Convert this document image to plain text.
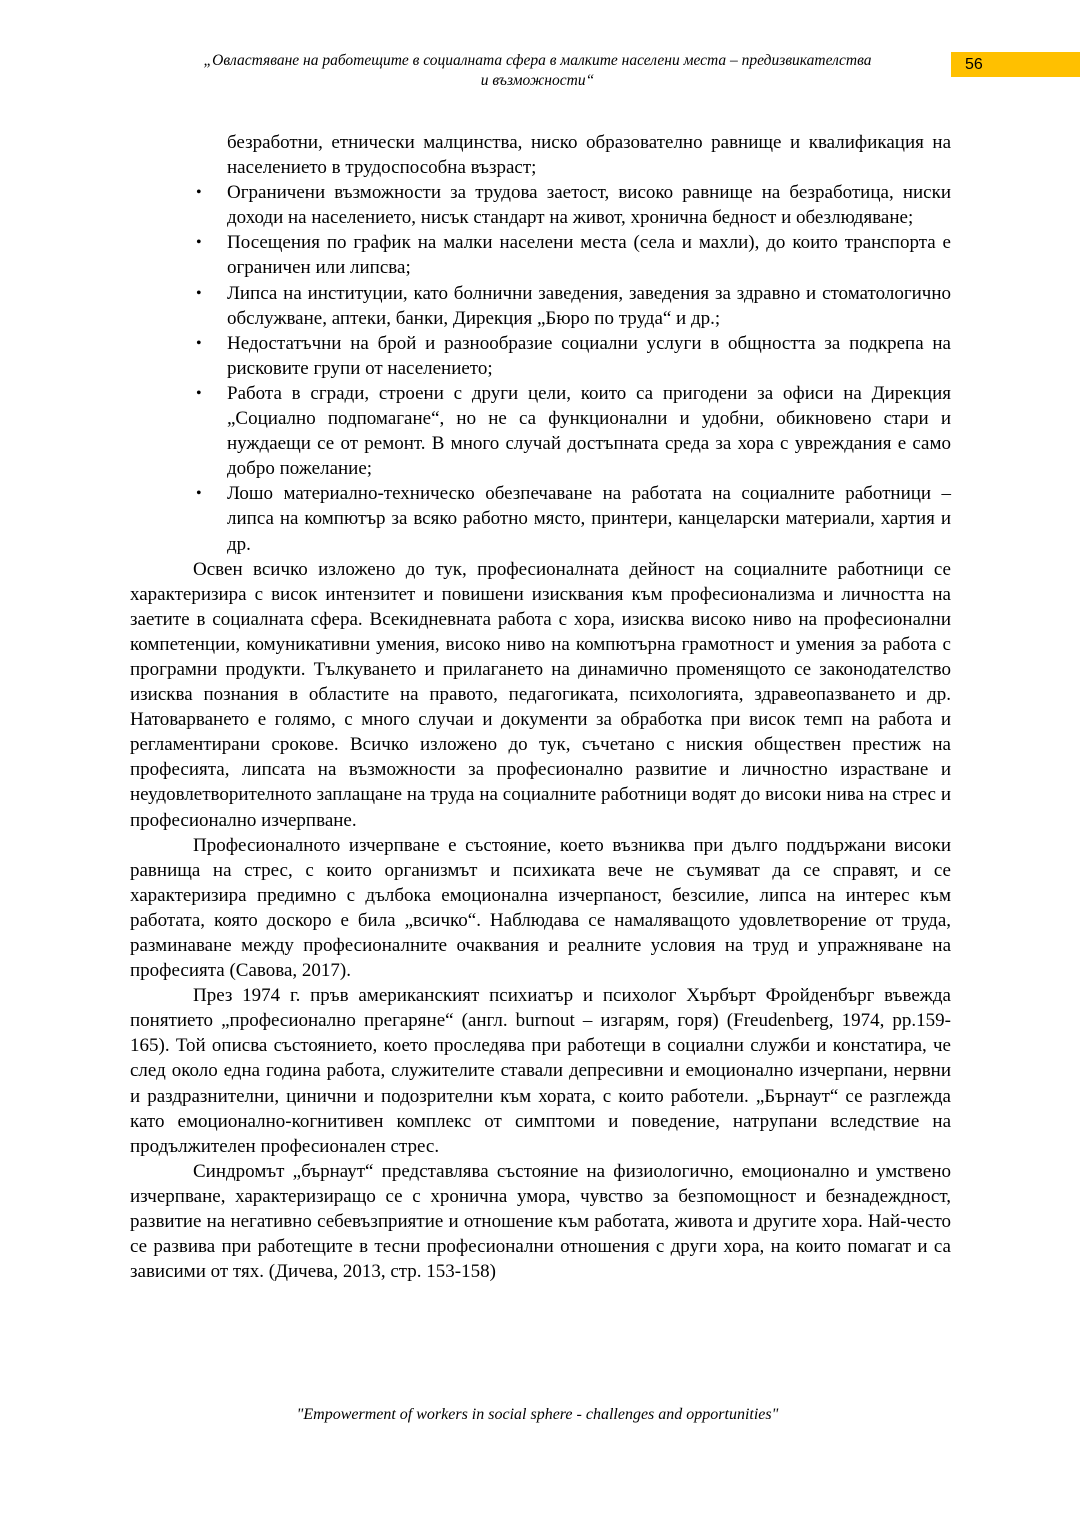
„Овластяване на работещите в социалната сфера в малките населени места – предизвикателства
и възможности“
56
безработни, етнически малцинства, ниско образователно равнище и квалификация на населението в трудоспособна възраст;
• Ограничени възможности за трудова заетост, високо равнище на безработица, ниски доходи на населението, нисък стандарт на живот, хронична бедност и обезлюдяване;
• Посещения по график на малки населени места (села и махли), до които транспорта е ограничен или липсва;
• Липса на институции, като болнични заведения, заведения за здравно и стоматологично обслужване, аптеки, банки, Дирекция „Бюро по труда“ и др.;
• Недостатъчни на брой и разнообразие социални услуги в общността за подкрепа на рисковите групи от населението;
• Работа в сгради, строени с други цели, които са пригодени за офиси на Дирекция „Социално подпомагане“, но не са функционални и удобни, обикновено стари и нуждаещи се от ремонт. В много случай достъпната среда за хора с увреждания е само добро пожелание;
• Лошо материално-техническо обезпечаване на работата на социалните работници – липса на компютър за всяко работно място, принтери, канцеларски материали, хартия и др.

Освен всичко изложено до тук, професионалната дейност на социалните работници се характеризира с висок интензитет и повишени изисквания към професионализма и личността на заетите в социалната сфера. Всекидневната работа с хора, изисква високо ниво на професионални компетенции, комуникативни умения, високо ниво на компютърна грамотност и умения за работа с програмни продукти. Тълкуването и прилагането на динамично променящото се законодателство изисква познания в областите на правото, педагогиката, психологията, здравеопазването и др. Натоварването е голямо, с много случаи и документи за обработка при висок темп на работа и регламентирани срокове. Всичко изложено до тук, съчетано с ниския обществен престиж на професията, липсата на възможности за професионално развитие и личностно израстване и неудовлетворителното заплащане на труда на социалните работници водят до високи нива на стрес и професионално изчерпване.

Професионалното изчерпване е състояние, което възниква при дълго поддържани високи равнища на стрес, с които организмът и психиката вече не съумяват да се справят, и се характеризира предимно с дълбока емоционална изчерпаност, безсилие, липса на интерес към работата, която доскоро е била „всичко“. Наблюдава се намаляващото удовлетворение от труда, разминаване между професионалните очаквания и реалните условия на труд и упражняване на професията (Савова, 2017).

През 1974 г. пръв американският психиатър и психолог Хърбърт Фройденбърг въвежда понятието „професионално прегаряне“ (англ. burnout – изгарям, горя) (Freudenberg, 1974, pp.159-165). Той описва състоянието, което проследява при работещи в социални служби и констатира, че след около една година работа, служителите ставали депресивни и емоционално изчерпани, нервни и раздразнителни, цинични и подозрителни към хората, с които работели. „Бърнаут“ се разглежда като емоционално-когнитивен комплекс от симптоми и поведение, натрупани вследствие на продължителен професионален стрес.

Синдромът „бърнаут“ представлява състояние на физиологично, емоционално и умствено изчерпване, характеризиращо се с хронична умора, чувство за безпомощност и безнадеждност, развитие на негативно себевъзприятие и отношение към работата, живота и другите хора. Най-често се развива при работещите в тесни професионални отношения с други хора, на които помагат и са зависими от тях. (Дичева, 2013, стр. 153-158)

"Empowerment of workers in social sphere - challenges and opportunities"
